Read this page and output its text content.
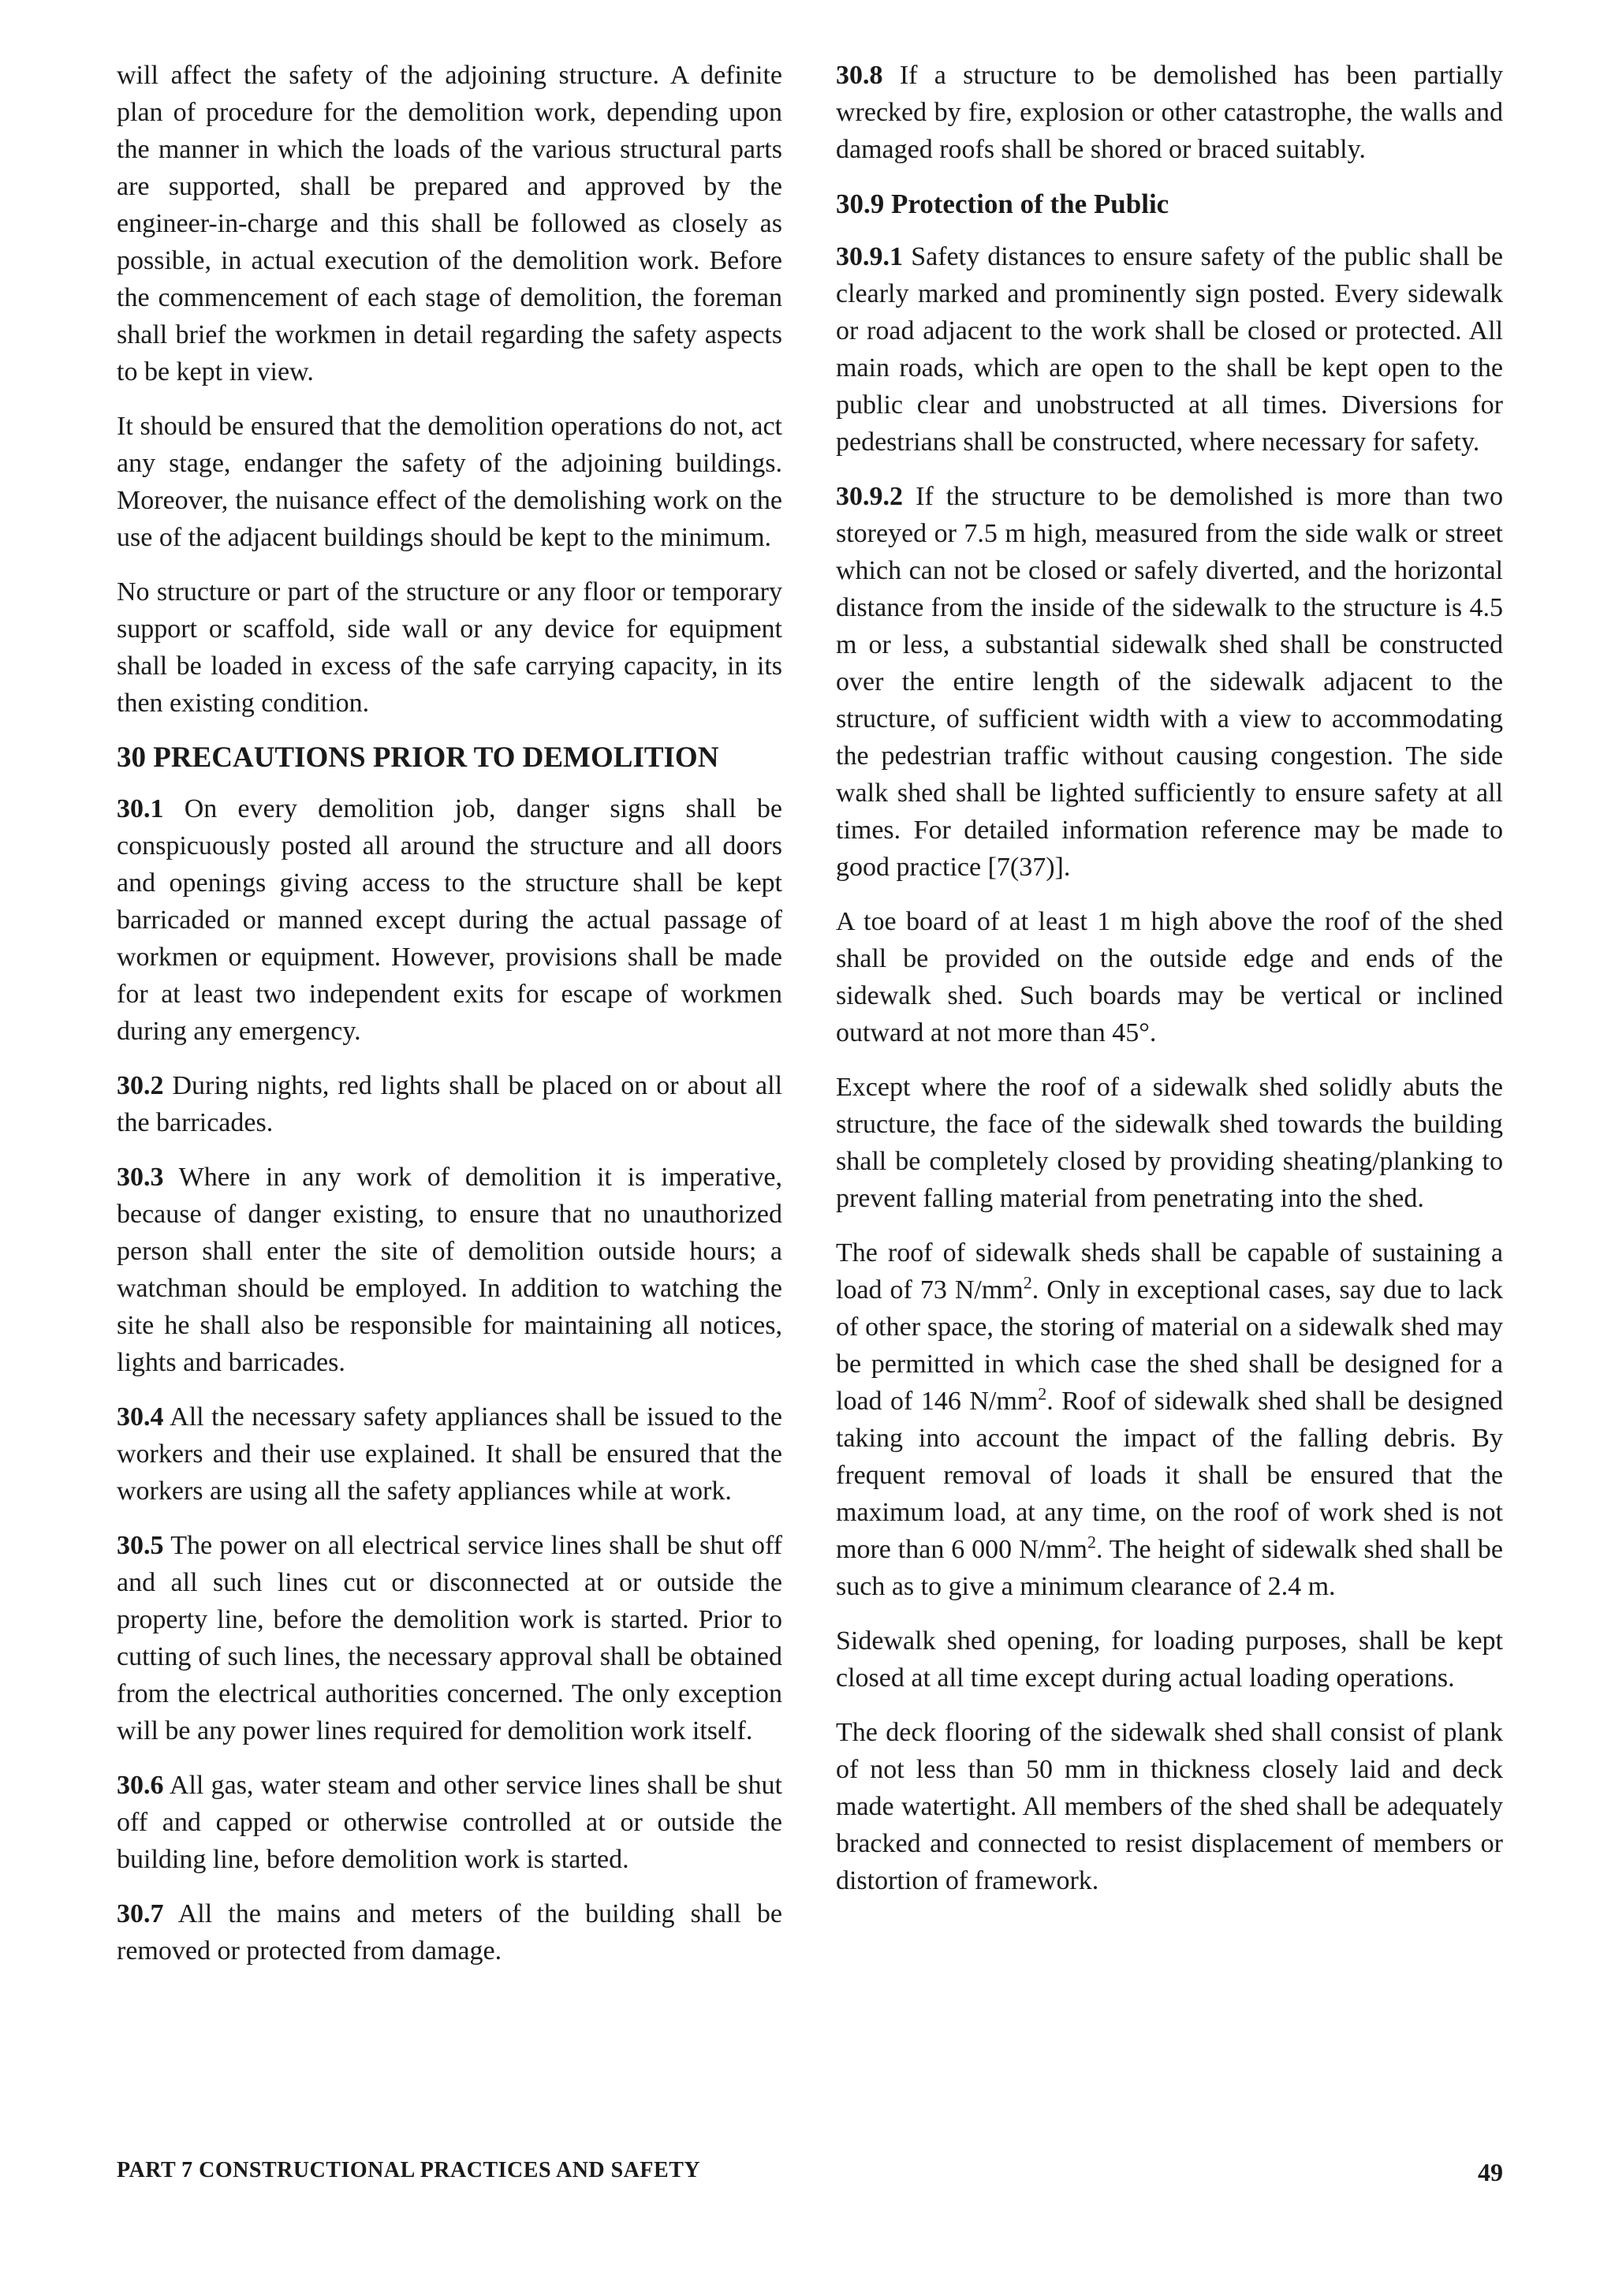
will affect the safety of the adjoining structure. A definite plan of procedure for the demolition work, depending upon the manner in which the loads of the various structural parts are supported, shall be prepared and approved by the engineer-in-charge and this shall be followed as closely as possible, in actual execution of the demolition work. Before the commencement of each stage of demolition, the foreman shall brief the workmen in detail regarding the safety aspects to be kept in view.

It should be ensured that the demolition operations do not, act any stage, endanger the safety of the adjoining buildings. Moreover, the nuisance effect of the demolishing work on the use of the adjacent buildings should be kept to the minimum.

No structure or part of the structure or any floor or temporary support or scaffold, side wall or any device for equipment shall be loaded in excess of the safe carrying capacity, in its then existing condition.

30 PRECAUTIONS PRIOR TO DEMOLITION

30.1 On every demolition job, danger signs shall be conspicuously posted all around the structure and all doors and openings giving access to the structure shall be kept barricaded or manned except during the actual passage of workmen or equipment. However, provisions shall be made for at least two independent exits for escape of workmen during any emergency.

30.2 During nights, red lights shall be placed on or about all the barricades.

30.3 Where in any work of demolition it is imperative, because of danger existing, to ensure that no unauthorized person shall enter the site of demolition outside hours; a watchman should be employed. In addition to watching the site he shall also be responsible for maintaining all notices, lights and barricades.

30.4 All the necessary safety appliances shall be issued to the workers and their use explained. It shall be ensured that the workers are using all the safety appliances while at work.

30.5 The power on all electrical service lines shall be shut off and all such lines cut or disconnected at or outside the property line, before the demolition work is started. Prior to cutting of such lines, the necessary approval shall be obtained from the electrical authorities concerned. The only exception will be any power lines required for demolition work itself.

30.6 All gas, water steam and other service lines shall be shut off and capped or otherwise controlled at or outside the building line, before demolition work is started.

30.7 All the mains and meters of the building shall be removed or protected from damage.

30.8 If a structure to be demolished has been partially wrecked by fire, explosion or other catastrophe, the walls and damaged roofs shall be shored or braced suitably.

30.9 Protection of the Public

30.9.1 Safety distances to ensure safety of the public shall be clearly marked and prominently sign posted. Every sidewalk or road adjacent to the work shall be closed or protected. All main roads, which are open to the shall be kept open to the public clear and unobstructed at all times. Diversions for pedestrians shall be constructed, where necessary for safety.

30.9.2 If the structure to be demolished is more than two storeyed or 7.5 m high, measured from the side walk or street which can not be closed or safely diverted, and the horizontal distance from the inside of the sidewalk to the structure is 4.5 m or less, a substantial sidewalk shed shall be constructed over the entire length of the sidewalk adjacent to the structure, of sufficient width with a view to accommodating the pedestrian traffic without causing congestion. The side walk shed shall be lighted sufficiently to ensure safety at all times. For detailed information reference may be made to good practice [7(37)].

A toe board of at least 1 m high above the roof of the shed shall be provided on the outside edge and ends of the sidewalk shed. Such boards may be vertical or inclined outward at not more than 45°.

Except where the roof of a sidewalk shed solidly abuts the structure, the face of the sidewalk shed towards the building shall be completely closed by providing sheating/planking to prevent falling material from penetrating into the shed.

The roof of sidewalk sheds shall be capable of sustaining a load of 73 $N/mm^2$. Only in exceptional cases, say due to lack of other space, the storing of material on a sidewalk shed may be permitted in which case the shed shall be designed for a load of 146 $N/mm^2$. Roof of sidewalk shed shall be designed taking into account the impact of the falling debris. By frequent removal of loads it shall be ensured that the maximum load, at any time, on the roof of work shed is not more than 6 000 $N/mm^2$. The height of sidewalk shed shall be such as to give a minimum clearance of 2.4 m.

Sidewalk shed opening, for loading purposes, shall be kept closed at all time except during actual loading operations.

The deck flooring of the sidewalk shed shall consist of plank of not less than 50 mm in thickness closely laid and deck made watertight. All members of the shed shall be adequately bracked and connected to resist displacement of members or distortion of framework.

PART 7 CONSTRUCTIONAL PRACTICES AND SAFETY	49
